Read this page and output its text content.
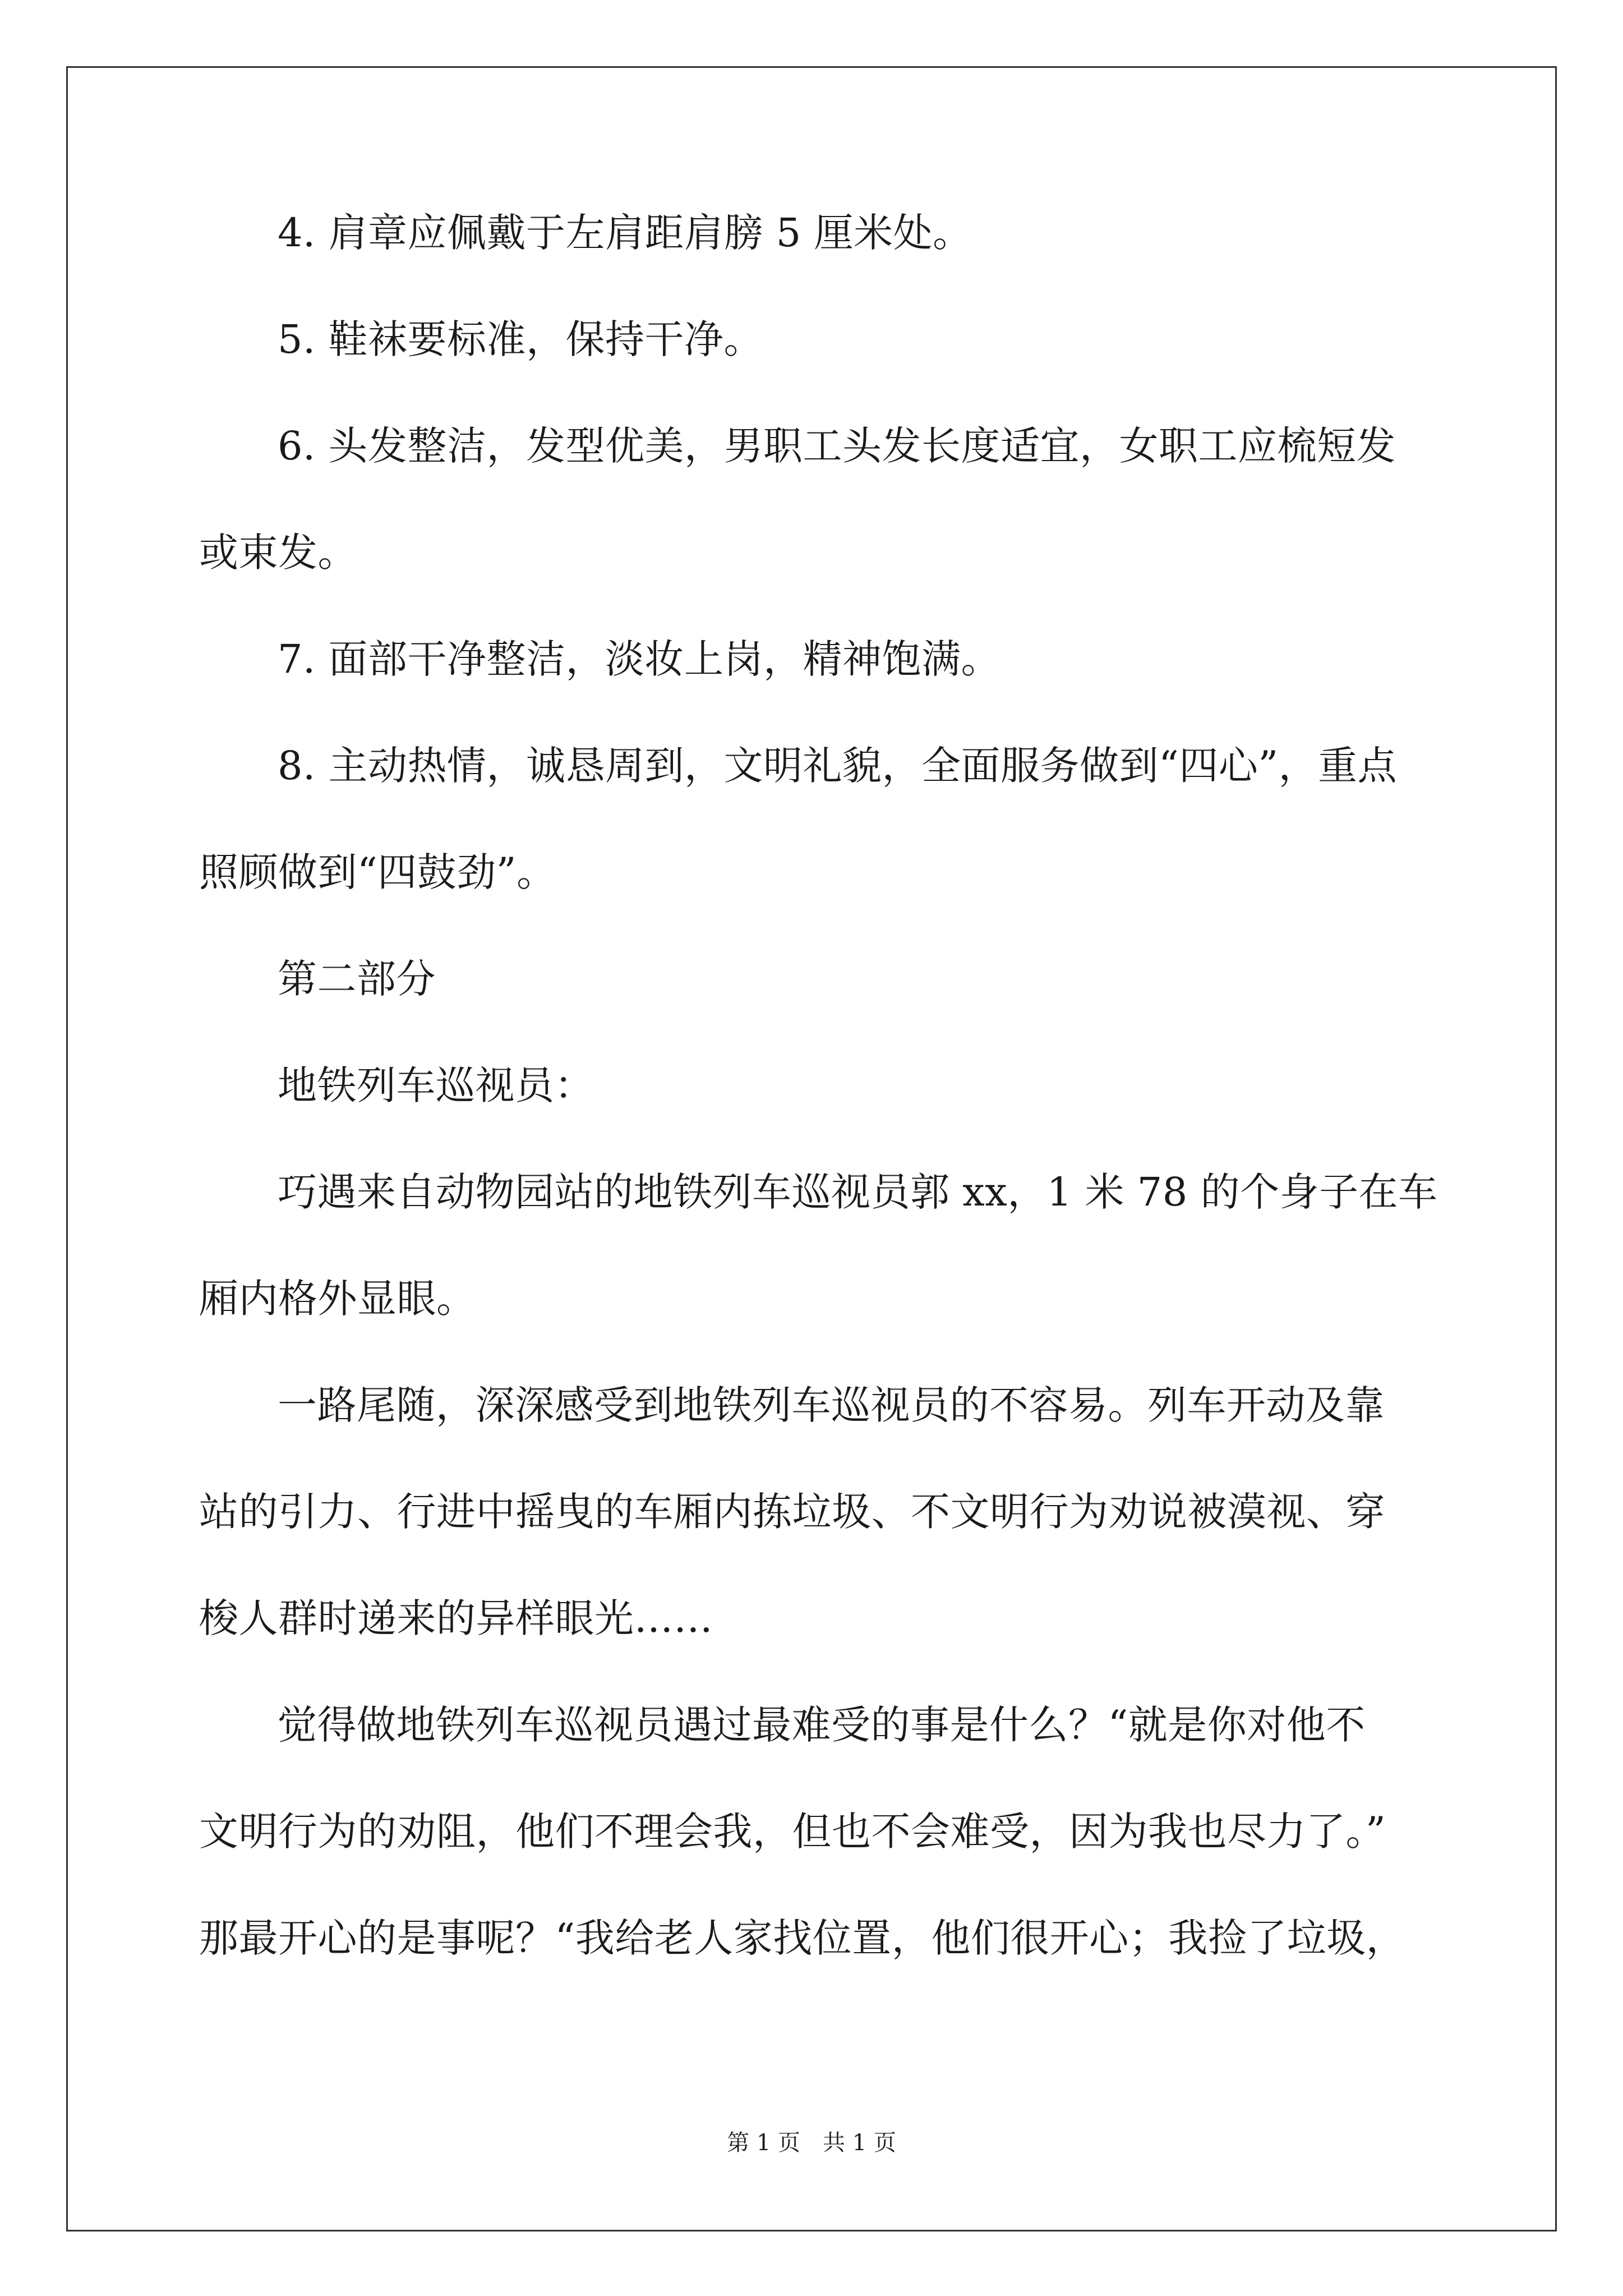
4. 肩章应佩戴于左肩距肩膀 5 厘米处。
5. 鞋袜要标准，保持干净。
6. 头发整洁，发型优美，男职工头发长度适宜，女职工应梳短发
或束发。
7. 面部干净整洁，淡妆上岗，精神饱满。
8. 主动热情，诚恳周到，文明礼貌，全面服务做到“四心”，重点
照顾做到“四鼓劲”。
第二部分
地铁列车巡视员：
巧遇来自动物园站的地铁列车巡视员郭 xx，1 米 78 的个身子在车
厢内格外显眼。
一路尾随，深深感受到地铁列车巡视员的不容易。列车开动及靠
站的引力、行进中摇曳的车厢内拣垃圾、不文明行为劝说被漠视、穿
梭人群时递来的异样眼光……
觉得做地铁列车巡视员遇过最难受的事是什么？“就是你对他不
文明行为的劝阻，他们不理会我，但也不会难受，因为我也尽力了。”
那最开心的是事呢？“我给老人家找位置，他们很开心；我捡了垃圾，
第 1 页　共 1 页
